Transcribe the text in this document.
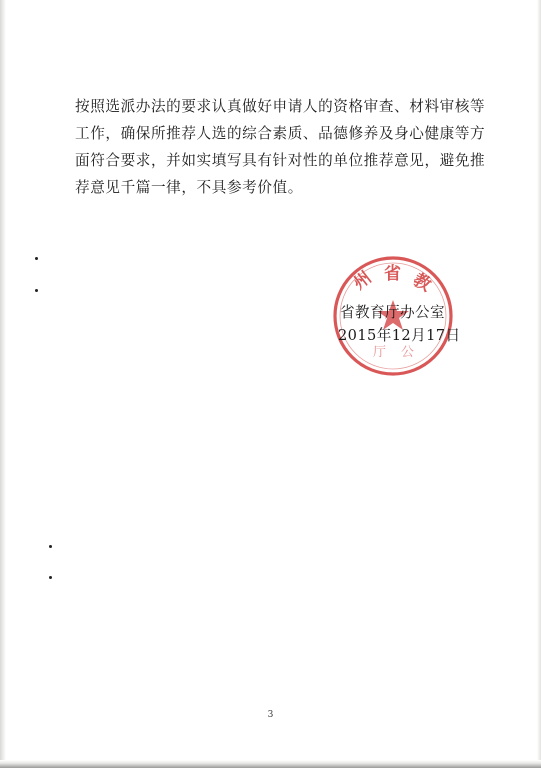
按照选派办法的要求认真做好申请人的资格审查、材料审核等
工作，确保所推荐人选的综合素质、品德修养及身心健康等方
面符合要求，并如实填写具有针对性的单位推荐意见，避免推
荐意见千篇一律，不具参考价值。

州 省 教
厅 公
省教育厅办公室
2015年12月17日
3
